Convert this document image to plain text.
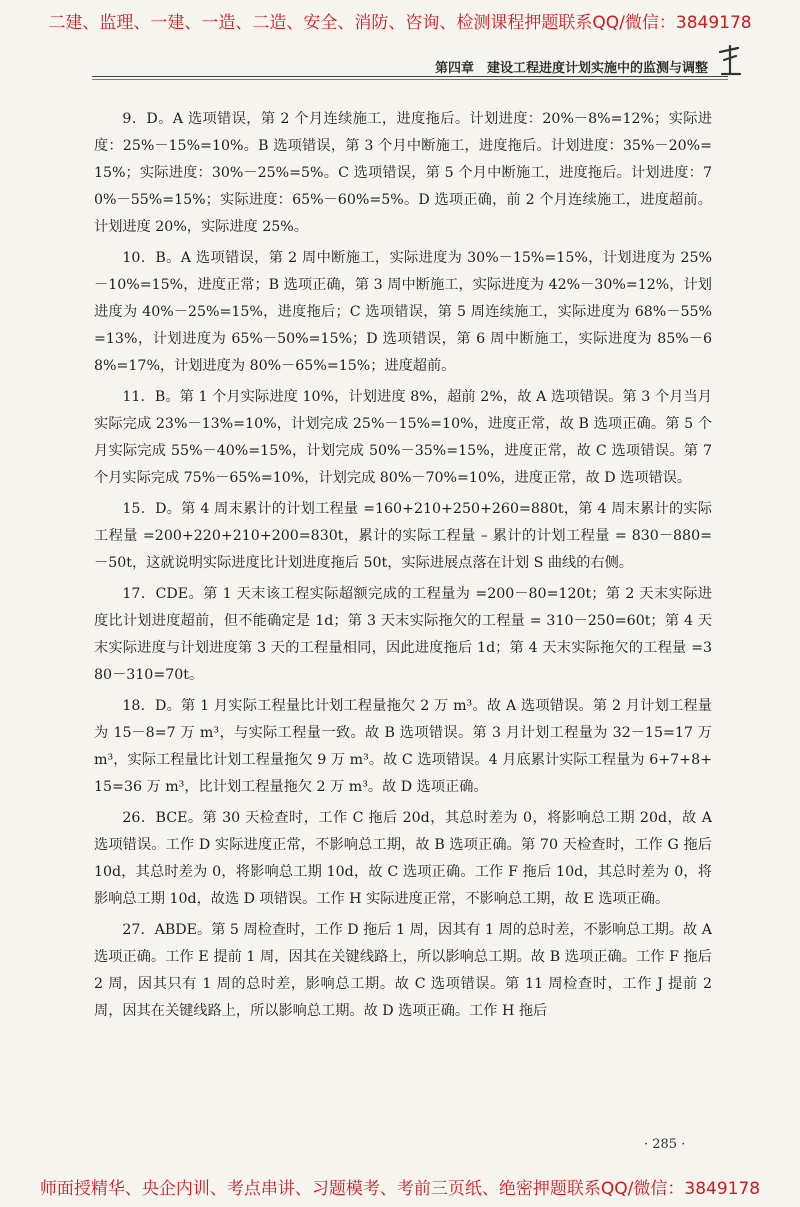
二建、监理、一建、一造、二造、安全、消防、咨询、检测课程押题联系QQ/微信：3849178
第四章　建设工程进度计划实施中的监测与调整

9．D。A 选项错误，第 2 个月连续施工，进度拖后。计划进度：20%－8%=12%；实际进度：25%－15%=10%。B 选项错误，第 3 个月中断施工，进度拖后。计划进度：35%－20%=15%；实际进度：30%－25%=5%。C 选项错误，第 5 个月中断施工，进度拖后。计划进度：70%－55%=15%；实际进度：65%－60%=5%。D 选项正确，前 2 个月连续施工，进度超前。计划进度 20%，实际进度 25%。

10．B。A 选项错误，第 2 周中断施工，实际进度为 30%－15%=15%，计划进度为 25%－10%=15%，进度正常；B 选项正确，第 3 周中断施工，实际进度为 42%－30%=12%，计划进度为 40%－25%=15%，进度拖后；C 选项错误，第 5 周连续施工，实际进度为 68%－55%=13%，计划进度为 65%－50%=15%；D 选项错误，第 6 周中断施工，实际进度为 85%－68%=17%，计划进度为 80%－65%=15%；进度超前。

11．B。第 1 个月实际进度 10%，计划进度 8%，超前 2%，故 A 选项错误。第 3 个月当月实际完成 23%－13%=10%，计划完成 25%－15%=10%，进度正常，故 B 选项正确。第 5 个月实际完成 55%－40%=15%，计划完成 50%－35%=15%，进度正常，故 C 选项错误。第 7 个月实际完成 75%－65%=10%，计划完成 80%－70%=10%，进度正常，故 D 选项错误。

15．D。第 4 周末累计的计划工程量 =160+210+250+260=880t，第 4 周末累计的实际工程量 =200+220+210+200=830t，累计的实际工程量 – 累计的计划工程量 = 830－880=－50t，这就说明实际进度比计划进度拖后 50t，实际进展点落在计划 S 曲线的右侧。

17．CDE。第 1 天末该工程实际超额完成的工程量为 =200－80=120t；第 2 天末实际进度比计划进度超前，但不能确定是 1d；第 3 天末实际拖欠的工程量 = 310－250=60t；第 4 天末实际进度与计划进度第 3 天的工程量相同，因此进度拖后 1d；第 4 天末实际拖欠的工程量 =380－310=70t。

18．D。第 1 月实际工程量比计划工程量拖欠 2 万 m³。故 A 选项错误。第 2 月计划工程量为 15－8=7 万 m³，与实际工程量一致。故 B 选项错误。第 3 月计划工程量为 32－15=17 万 m³，实际工程量比计划工程量拖欠 9 万 m³。故 C 选项错误。4 月底累计实际工程量为 6+7+8+15=36 万 m³，比计划工程量拖欠 2 万 m³。故 D 选项正确。

26．BCE。第 30 天检查时，工作 C 拖后 20d，其总时差为 0，将影响总工期 20d，故 A 选项错误。工作 D 实际进度正常，不影响总工期，故 B 选项正确。第 70 天检查时，工作 G 拖后 10d，其总时差为 0，将影响总工期 10d，故 C 选项正确。工作 F 拖后 10d，其总时差为 0，将影响总工期 10d，故选 D 项错误。工作 H 实际进度正常，不影响总工期，故 E 选项正确。

27．ABDE。第 5 周检查时，工作 D 拖后 1 周，因其有 1 周的总时差，不影响总工期。故 A 选项正确。工作 E 提前 1 周，因其在关键线路上，所以影响总工期。故 B 选项正确。工作 F 拖后 2 周，因其只有 1 周的总时差，影响总工期。故 C 选项错误。第 11 周检查时，工作 J 提前 2 周，因其在关键线路上，所以影响总工期。故 D 选项正确。工作 H 拖后

· 285 ·
师面授精华、央企内训、考点串讲、习题模考、考前三页纸、绝密押题联系QQ/微信：3849178
